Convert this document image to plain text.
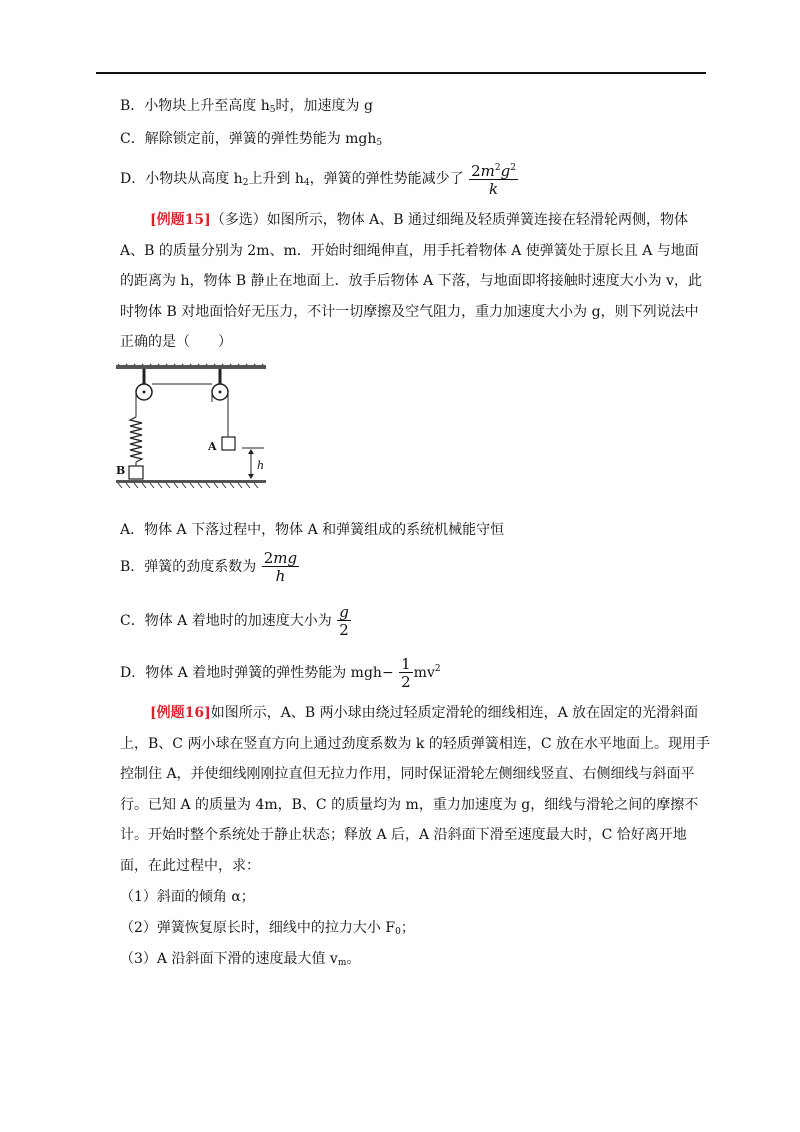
B．小物块上升至高度 $h_5$时，加速度为 g
C．解除锁定前，弹簧的弹性势能为 mgh$_5$
D．小物块从高度 $h_2$上升到 $h_4$，弹簧的弹性势能减少了 $\frac{2m^2g^2}{k}$
[例题15]（多选）如图所示，物体 A、B 通过细绳及轻质弹簧连接在轻滑轮两侧，物体 A、B 的质量分别为 2m、m．开始时细绳伸直，用手托着物体 A 使弹簧处于原长且 A 与地面的距离为 h，物体 B 静止在地面上．放手后物体 A 下落，与地面即将接触时速度大小为 v，此时物体 B 对地面恰好无压力，不计一切摩擦及空气阻力，重力加速度大小为 g，则下列说法中正确的是（　　）
B
A
h
A．物体 A 下落过程中，物体 A 和弹簧组成的系统机械能守恒
B．弹簧的劲度系数为 $\frac{2mg}{h}$
C．物体 A 着地时的加速度大小为 $\frac{g}{2}$
D．物体 A 着地时弹簧的弹性势能为 $mgh- \frac{1}{2} mv^2$
[例题16]如图所示，A、B 两小球由绕过轻质定滑轮的细线相连，A 放在固定的光滑斜面上，B、C 两小球在竖直方向上通过劲度系数为 k 的轻质弹簧相连，C 放在水平地面上。现用手控制住 A，并使细线刚刚拉直但无拉力作用，同时保证滑轮左侧细线竖直、右侧细线与斜面平行。已知 A 的质量为 4m，B、C 的质量均为 m，重力加速度为 g，细线与滑轮之间的摩擦不计。开始时整个系统处于静止状态；释放 A 后，A 沿斜面下滑至速度最大时，C 恰好离开地面，在此过程中，求：
（1）斜面的倾角 α；
（2）弹簧恢复原长时，细线中的拉力大小 $F_0$；
（3）A 沿斜面下滑的速度最大值 $v_m$。
